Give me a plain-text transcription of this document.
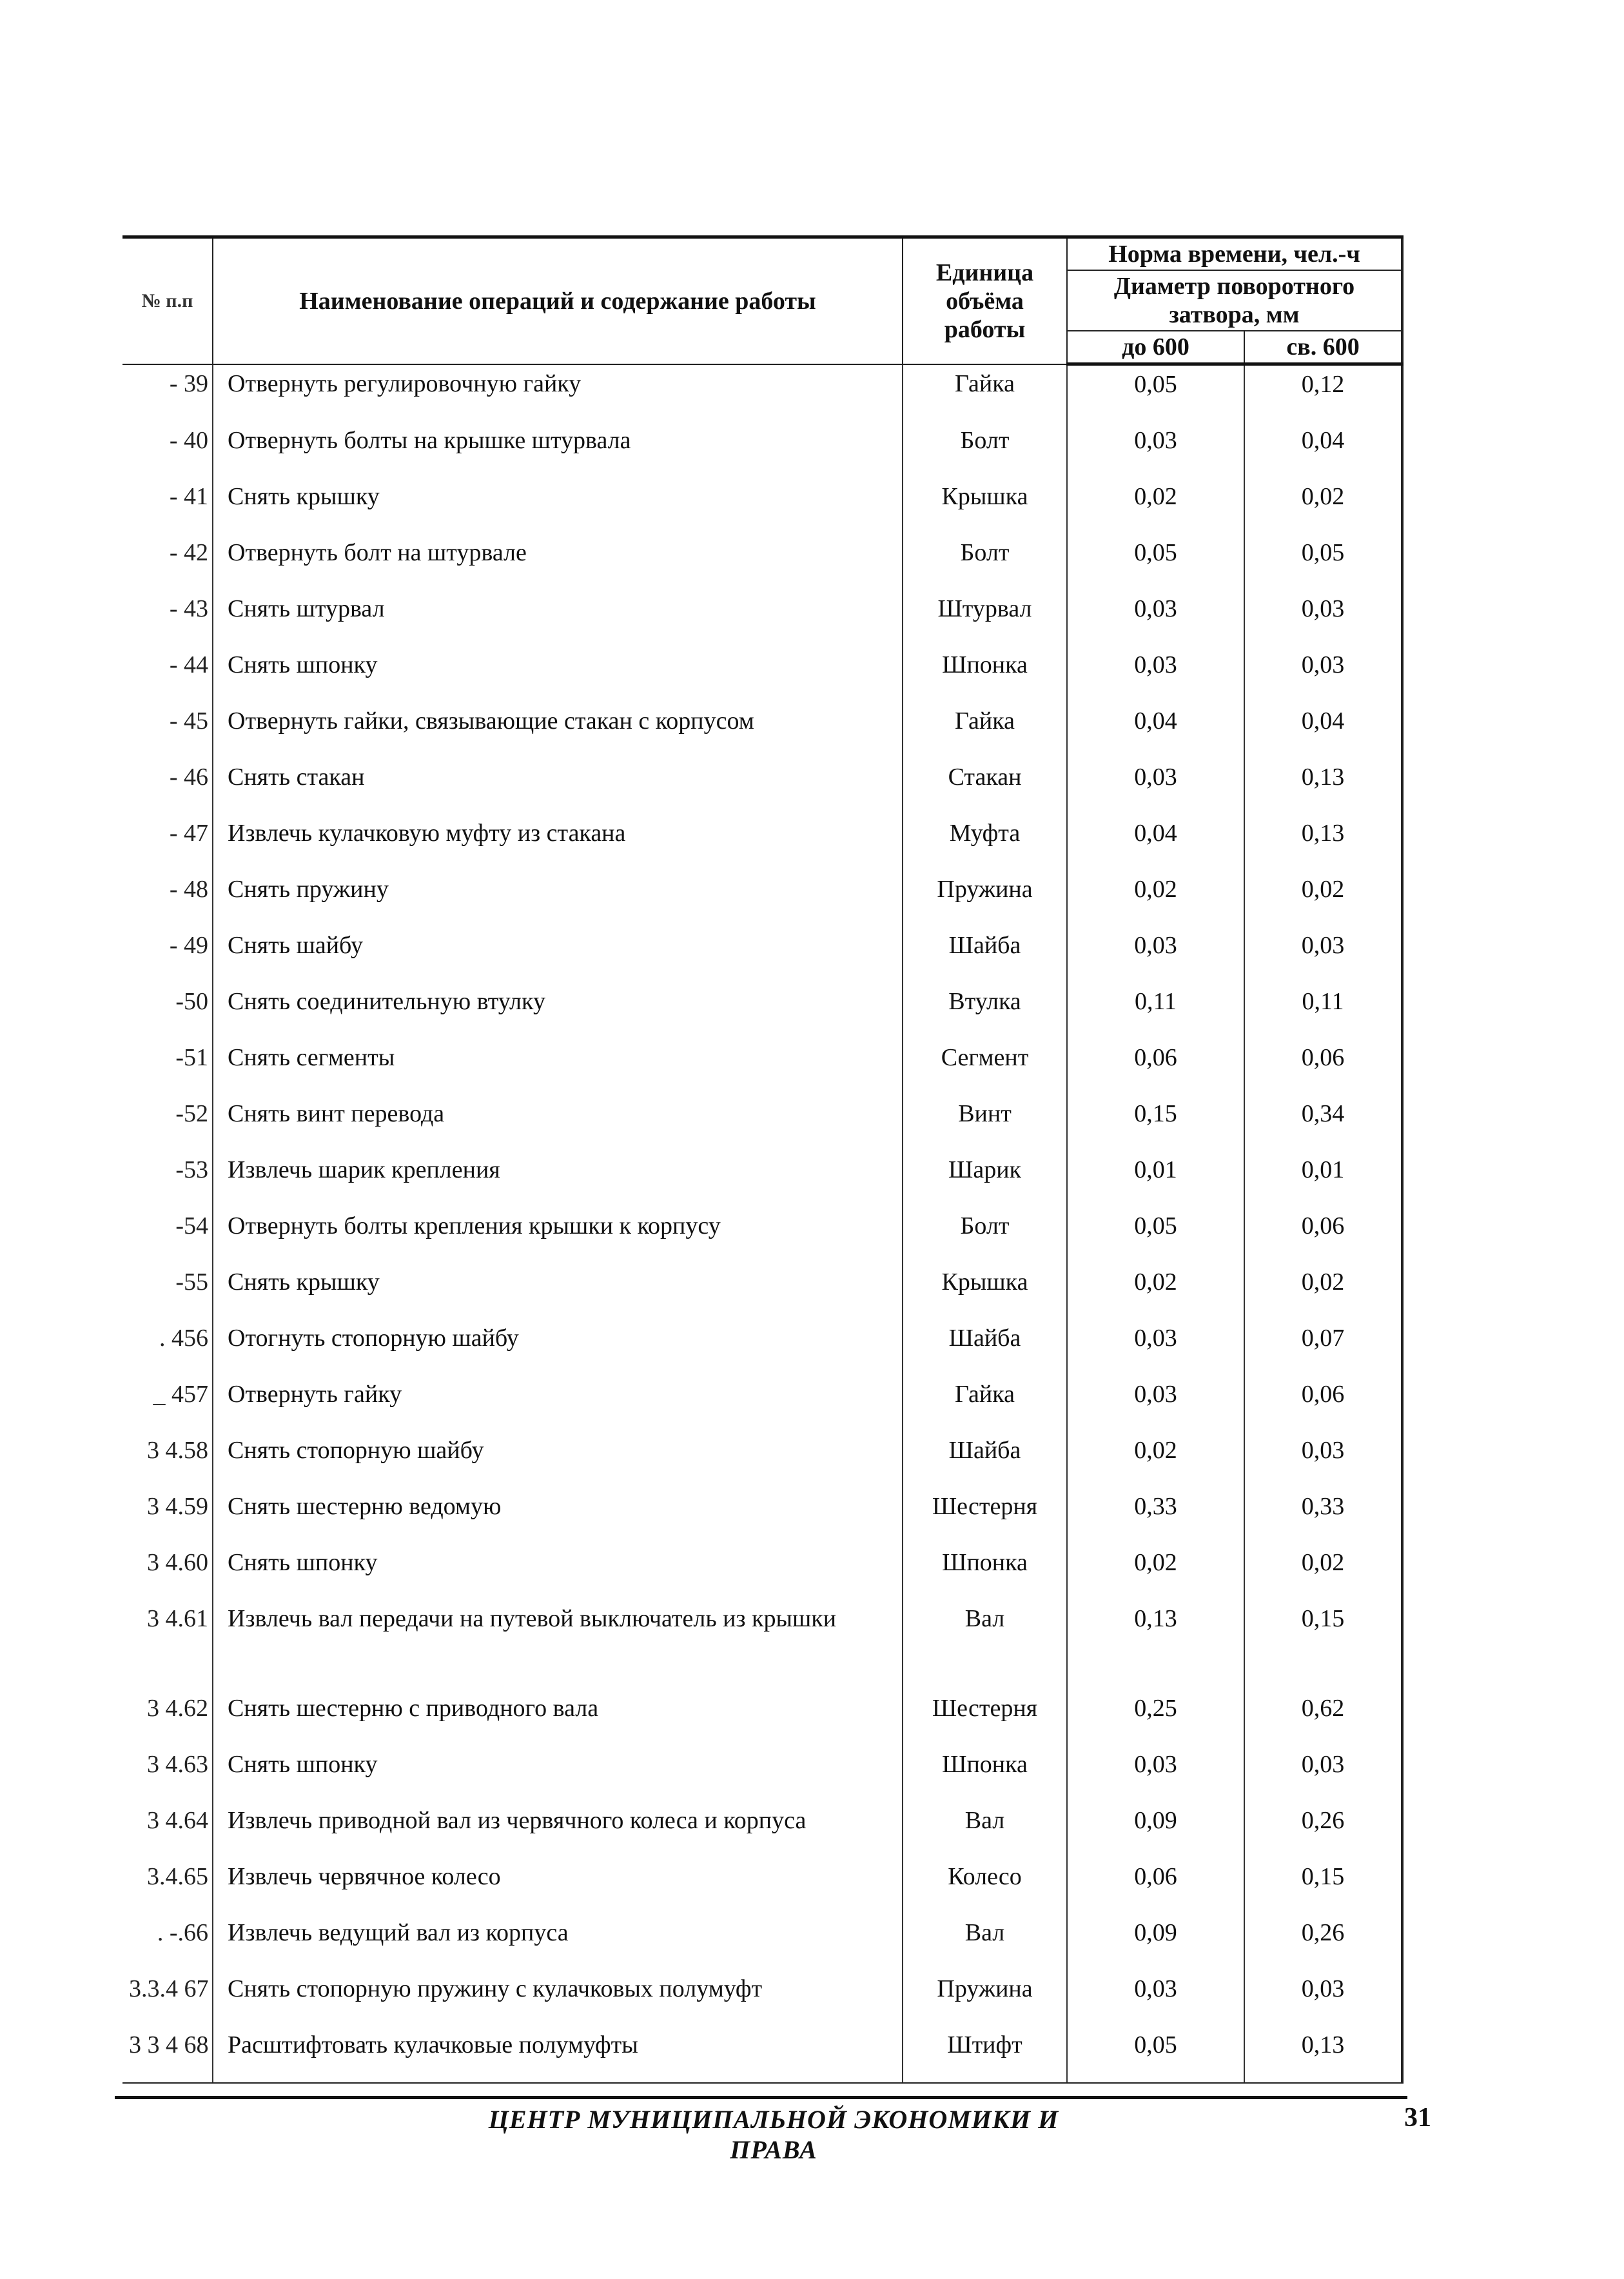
№ п.п	Наименование операций и содержание работы	Единица объёма работы	Норма времени, чел.-ч	
			Диаметр поворотного затвора, мм	
			до 600	св. 600
- 39	Отвернуть регулировочную гайку	Гайка	0,05	0,12
- 40	Отвернуть болты на крышке штурвала	Болт	0,03	0,04
- 41	Снять крышку	Крышка	0,02	0,02
- 42	Отвернуть болт на штурвале	Болт	0,05	0,05
- 43	Снять штурвал	Штурвал	0,03	0,03
- 44	Снять шпонку	Шпонка	0,03	0,03
- 45	Отвернуть гайки, связывающие стакан с корпусом	Гайка	0,04	0,04
- 46	Снять стакан	Стакан	0,03	0,13
- 47	Извлечь кулачковую муфту из стакана	Муфта	0,04	0,13
- 48	Снять пружину	Пружина	0,02	0,02
- 49	Снять шайбу	Шайба	0,03	0,03
-50	Снять соединительную втулку	Втулка	0,11	0,11
-51	Снять сегменты	Сегмент	0,06	0,06
-52	Снять винт перевода	Винт	0,15	0,34
-53	Извлечь шарик крепления	Шарик	0,01	0,01
-54	Отвернуть болты крепления крышки к корпусу	Болт	0,05	0,06
-55	Снять крышку	Крышка	0,02	0,02
. 456	Отогнуть стопорную шайбу	Шайба	0,03	0,07
_ 457	Отвернуть гайку	Гайка	0,03	0,06
3 4.58	Снять стопорную шайбу	Шайба	0,02	0,03
3 4.59	Снять шестерню ведомую	Шестерня	0,33	0,33
3 4.60	Снять шпонку	Шпонка	0,02	0,02
3 4.61	Извлечь вал передачи на путевой выключатель из крышки	Вал	0,13	0,15
3 4.62	Снять шестерню с приводного вала	Шестерня	0,25	0,62
3 4.63	Снять шпонку	Шпонка	0,03	0,03
3 4.64	Извлечь приводной вал из червячного колеса и корпуса	Вал	0,09	0,26
3.4.65	Извлечь червячное колесо	Колесо	0,06	0,15
. -.66	Извлечь ведущий вал из корпуса	Вал	0,09	0,26
3.3.4 67	Снять стопорную пружину с кулачковых полумуфт	Пружина	0,03	0,03
3 3 4 68	Расштифтовать кулачковые полумуфты	Штифт	0,05	0,13
ЦЕНТР МУНИЦИПАЛЬНОЙ ЭКОНОМИКИ И ПРАВА
31
